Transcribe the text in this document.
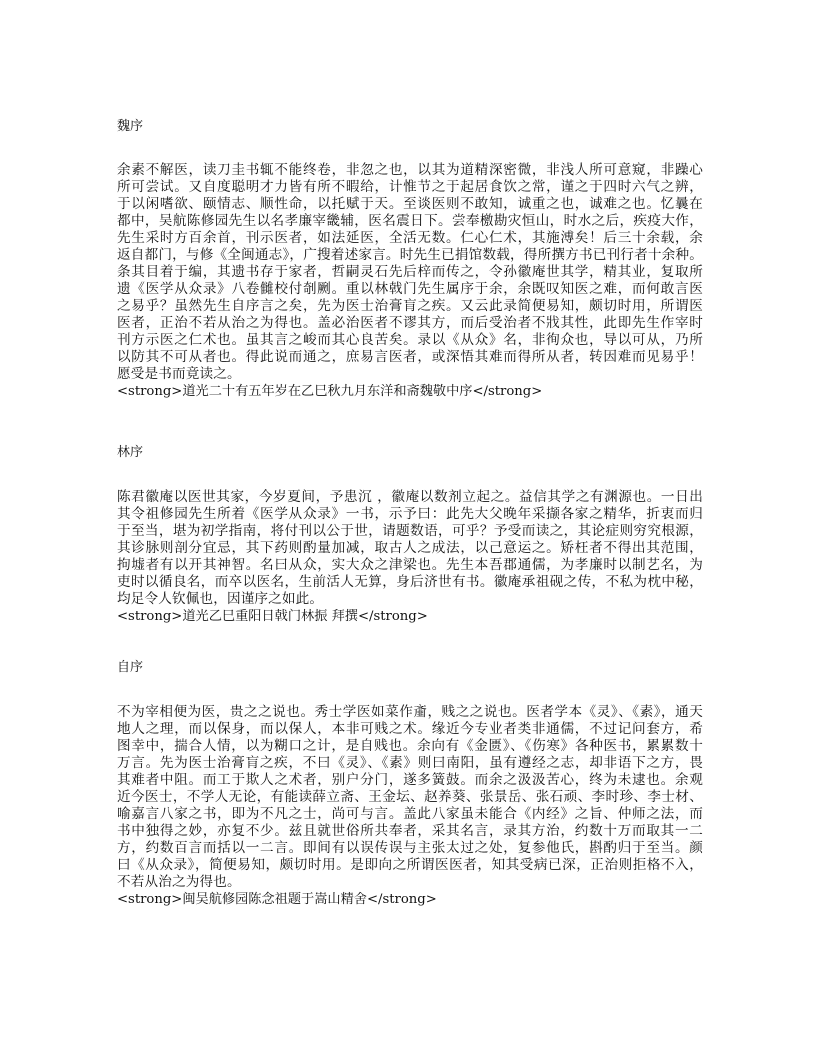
魏序
余素不解医，读刀圭书辄不能终卷，非忽之也，以其为道精深密微，非浅人所可意窥，非躁心
所可尝试。又自度聪明才力皆有所不暇给，计惟节之于起居食饮之常，谨之于四时六气之辨，
于以闲嗜欲、颐情志、顺性命，以托赋于天。至谈医则不敢知，诚重之也，诚难之也。忆曩在
都中，吴航陈修园先生以名孝廉宰畿辅，医名震日下。尝奉檄勘灾恒山，时水之后，疾疫大作，
先生采时方百余首，刊示医者，如法延医，全活无数。仁心仁术，其施溥矣！后三十余载，余
返自都门，与修《全闽通志》，广搜着述家言。时先生已捐馆数载，得所撰方书已刊行者十余种。
条其目着于编，其遗书存于家者，哲嗣灵石先后梓而传之，令孙徽庵世其学，精其业，复取所
遗《医学从众录》八卷雠校付剞劂。重以林戟门先生属序于余，余既叹知医之难，而何敢言医
之易乎？虽然先生自序言之矣，先为医士治膏肓之疾。又云此录简便易知，颇切时用，所谓医
医者，正治不若从治之为得也。盖必治医者不谬其方，而后受治者不戕其性，此即先生作宰时
刊方示医之仁术也。虽其言之峻而其心良苦矣。录以《从众》名，非徇众也，导以可从，乃所
以防其不可从者也。得此说而通之，庶易言医者，或深悟其难而得所从者，转因难而见易乎！
愿受是书而竟读之。
<strong>道光二十有五年岁在乙巳秋九月东洋和斋魏敬中序</strong>
林序
陈君徽庵以医世其家，今岁夏间，予患沉 ，徽庵以数剂立起之。益信其学之有渊源也。一日出
其令祖修园先生所着《医学从众录》一书，示予曰：此先大父晚年采撷各家之精华，折衷而归
于至当，堪为初学指南，将付刊以公于世，请题数语，可乎？予受而读之，其论症则穷究根源，
其诊脉则剖分宜忌，其下药则酌量加减，取古人之成法，以己意运之。矫枉者不得出其范围，
拘墟者有以开其神智。名曰从众，实大众之津梁也。先生本吾郡通儒，为孝廉时以制艺名，为
吏时以循良名，而卒以医名，生前活人无算，身后济世有书。徽庵承祖砚之传，不私为枕中秘，
均足令人钦佩也，因谨序之如此。
<strong>道光乙巳重阳日戟门林振 拜撰</strong>
自序
不为宰相便为医，贵之之说也。秀士学医如菜作齑，贱之之说也。医者学本《灵》、《素》，通天
地人之理，而以保身，而以保人，本非可贱之术。缘近今专业者类非通儒，不过记问套方，希
图幸中，揣合人情，以为糊口之计，是自贱也。余向有《金匮》、《伤寒》各种医书，累累数十
万言。先为医士治膏肓之疾，不曰《灵》、《素》则曰南阳，虽有遵经之志，却非语下之方，畏
其难者中阻。而工于欺人之术者，别户分门，遂多簧鼓。而余之汲汲苦心，终为未逮也。余观
近今医士，不学人无论，有能读薛立斋、王金坛、赵养葵、张景岳、张石顽、李时珍、李士材、
喻嘉言八家之书，即为不凡之士，尚可与言。盖此八家虽未能合《内经》之旨、仲师之法，而
书中独得之妙，亦复不少。兹且就世俗所共奉者，采其名言，录其方治，约数十万而取其一二
方，约数百言而括以一二言。即间有以误传误与主张太过之处，复参他氏，斟酌归于至当。颜
曰《从众录》，简便易知，颇切时用。是即向之所谓医医者，知其受病已深，正治则拒格不入，
不若从治之为得也。
<strong>闽吴航修园陈念祖题于嵩山精舍</strong>
